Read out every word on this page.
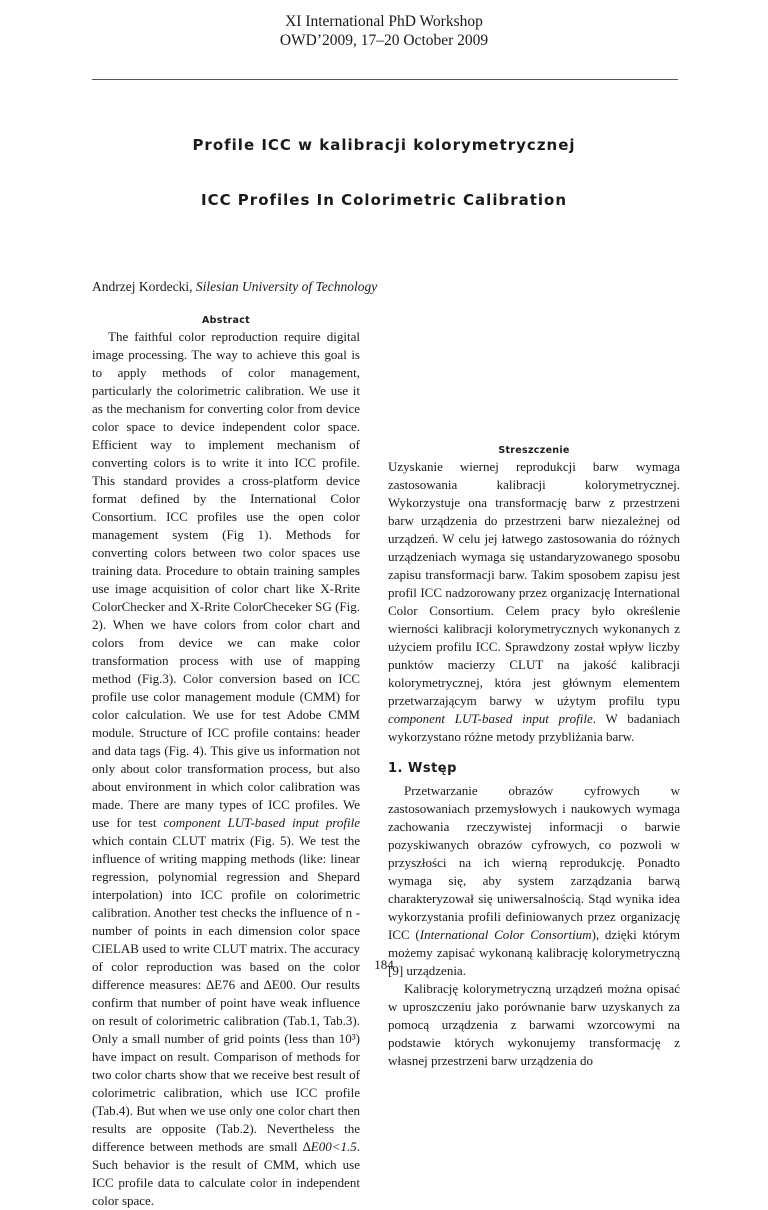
XI International PhD Workshop
OWD’2009, 17–20 October 2009
Profile ICC w kalibracji kolorymetrycznej
ICC Profiles In Colorimetric Calibration
Andrzej Kordecki, Silesian University of Technology

Abstract

The faithful color reproduction require digital image processing. The way to achieve this goal is to apply methods of color management, particularly the colorimetric calibration. We use it as the mechanism for converting color from device color space to device independent color space. Efficient way to implement mechanism of converting colors is to write it into ICC profile. This standard provides a cross-platform device format defined by the International Color Consortium. ICC profiles use the open color management system (Fig 1). Methods for converting colors between two color spaces use training data. Procedure to obtain training samples use image acquisition of color chart like X-Rrite ColorChecker and X-Rrite ColorCheceker SG (Fig. 2). When we have colors from color chart and colors from device we can make color transformation process with use of mapping method (Fig.3). Color conversion based on ICC profile use color management module (CMM) for color calculation. We use for test Adobe CMM module. Structure of ICC profile contains: header and data tags (Fig. 4). This give us information not only about color transformation process, but also about environment in which color calibration was made. There are many types of ICC profiles. We use for test component LUT-based input profile which contain CLUT matrix (Fig. 5). We test the influence of writing mapping methods (like: linear regression, polynomial regression and Shepard interpolation) into ICC profile on colorimetric calibration. Another test checks the influence of n - number of points in each dimension color space CIELAB used to write CLUT matrix. The accuracy of color reproduction was based on the color difference measures: ∆E76 and ∆E00. Our results confirm that number of point have weak influence on result of colorimetric calibration (Tab.1, Tab.3). Only a small number of grid points (less than 10³) have impact on result. Comparison of methods for two color charts show that we receive best result of colorimetric calibration, which use ICC profile (Tab.4). But when we use only one color chart then results are opposite (Tab.2). Nevertheless the difference between methods are small ∆E00<1.5. Such behavior is the result of CMM, which use ICC profile data to calculate color in independent color space.

Streszczenie

Uzyskanie wiernej reprodukcji barw wymaga zastosowania kalibracji kolorymetrycznej. Wykorzystuje ona transformację barw z przestrzeni barw urządzenia do przestrzeni barw niezależnej od urządzeń. W celu jej łatwego zastosowania do różnych urządzeniach wymaga się ustandaryzowanego sposobu zapisu transformacji barw. Takim sposobem zapisu jest profil ICC nadzorowany przez organizację International Color Consortium. Celem pracy było określenie wierności kalibracji kolorymetrycznych wykonanych z użyciem profilu ICC. Sprawdzony został wpływ liczby punktów macierzy CLUT na jakość kalibracji kolorymetrycznej, która jest głównym elementem przetwarzającym barwy w użytym profilu typu component LUT-based input profile. W badaniach wykorzystano różne metody przybliżania barw.

1. Wstęp

Przetwarzanie obrazów cyfrowych w zastosowaniach przemysłowych i naukowych wymaga zachowania rzeczywistej informacji o barwie pozyskiwanych obrazów cyfrowych, co pozwoli w przyszłości na ich wierną reprodukcję. Ponadto wymaga się, aby system zarządzania barwą charakteryzował się uniwersalnością. Stąd wynika idea wykorzystania profili definiowanych przez organizację ICC (International Color Consortium), dzięki którym możemy zapisać wykonaną kalibrację kolorymetryczną [9] urządzenia.

Kalibrację kolorymetryczną urządzeń można opisać w uproszczeniu jako porównanie barw uzyskanych za pomocą urządzenia z barwami wzorcowymi na podstawie których wykonujemy transformację z własnej przestrzeni barw urządzenia do

184
